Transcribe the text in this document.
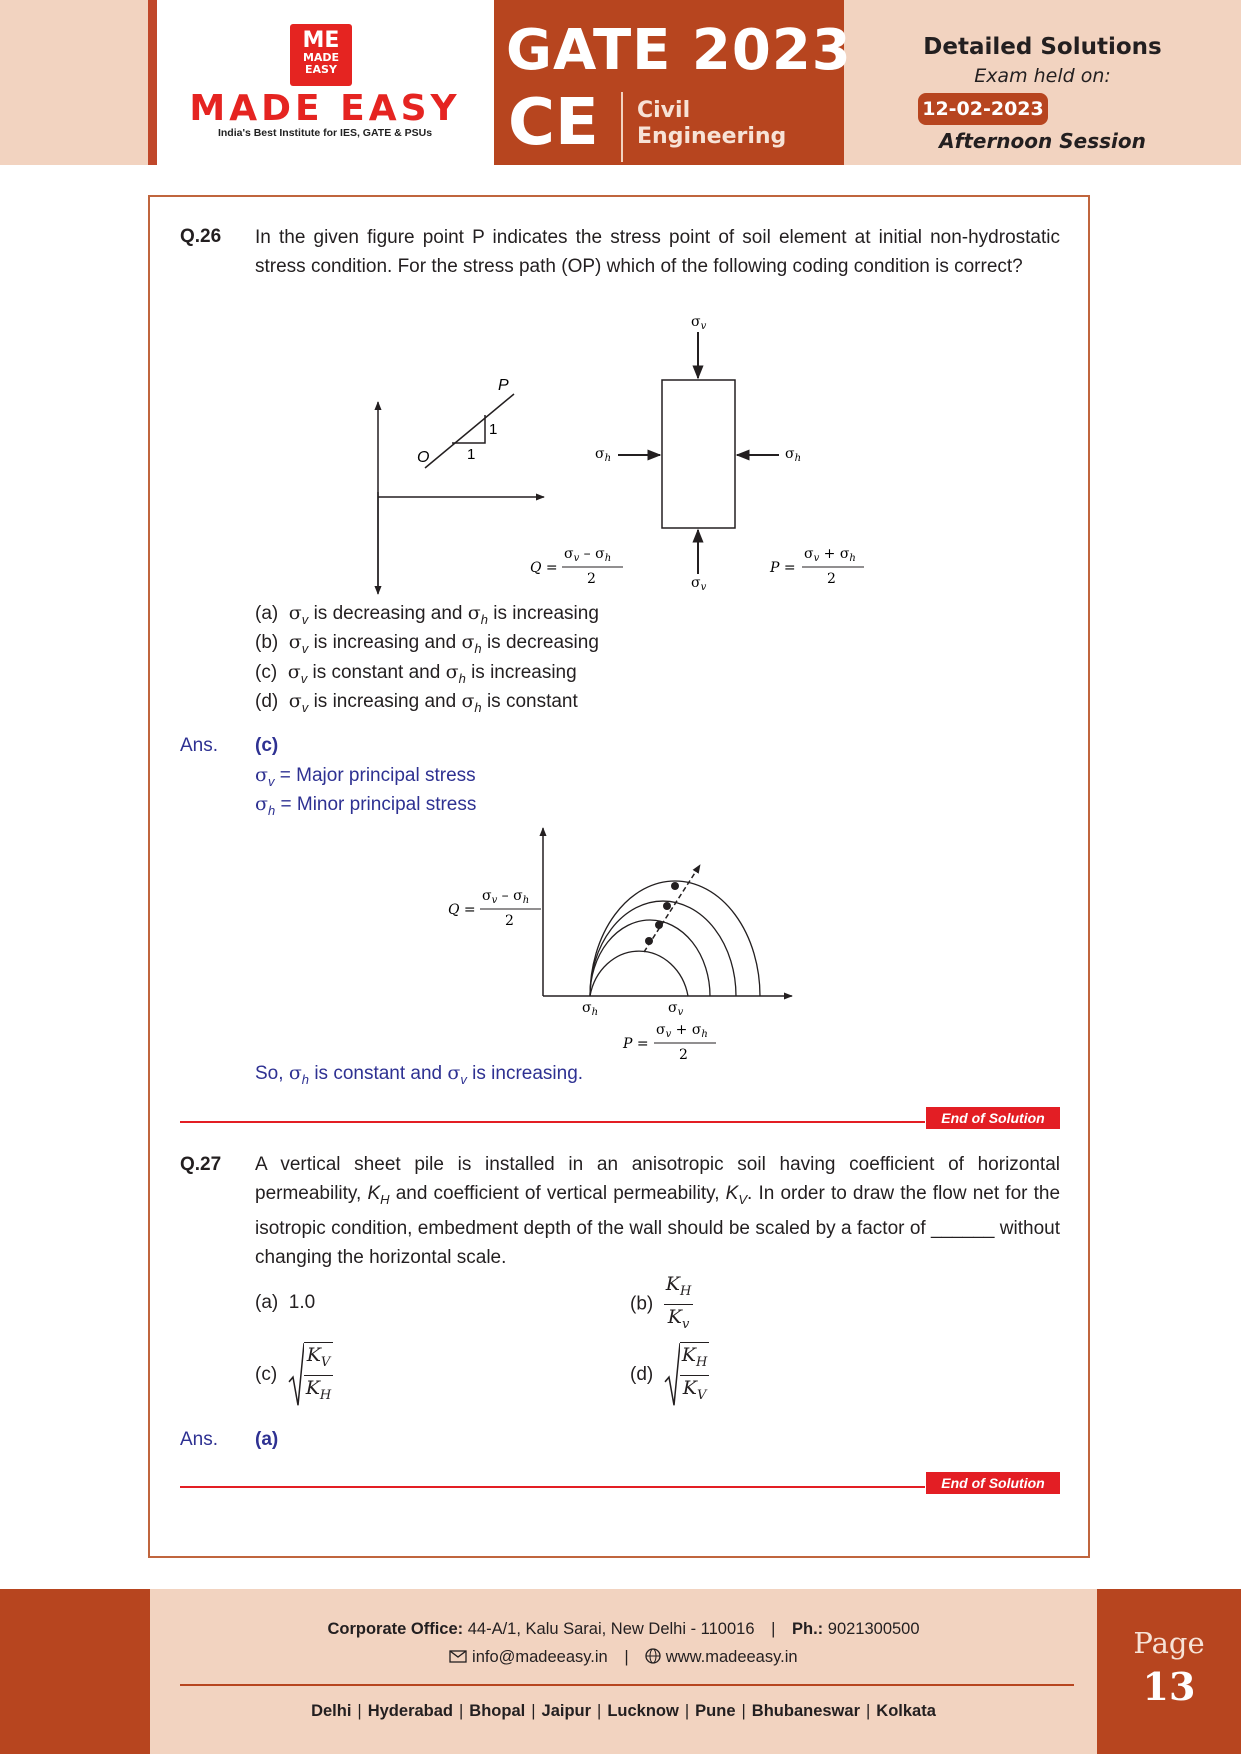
ME
MADE EASY
MADE EASY
India's Best Institute for IES, GATE & PSUs
GATE 2023
CE Civil
Engineering
Detailed Solutions
Exam held on:
12-02-2023
Afternoon Session
Q.26 In the given figure point P indicates the stress point of soil element at initial non-hydrostatic stress condition. For the stress path (OP) which of the following coding condition is correct?
P
O
1
1
$\sigma_v$
$\sigma_v$
$\sigma_h$	$\sigma_h$
Q =
$\sigma_v - \sigma_h$
2
P =
$\sigma_v + \sigma_h$
2
(a) $\sigma_v$ is decreasing and $\sigma_h$ is increasing
(b) $\sigma_v$ is increasing and $\sigma_h$ is decreasing
(c) $\sigma_v$ is constant and $\sigma_h$ is increasing
(d) $\sigma_v$ is increasing and $\sigma_h$ is constant
Ans. (c)
$\sigma_v$ = Major principal stress
$\sigma_h$ = Minor principal stress
Q =
$\sigma_v - \sigma_h$
2
$\sigma_h$	$\sigma_v$
P =
$\sigma_v + \sigma_h$
2
So, $\sigma_h$ is constant and $\sigma_v$ is increasing.
End of Solution
Q.27 A vertical sheet pile is installed in an anisotropic soil having coefficient of horizontal permeability, $K_H$ and coefficient of vertical permeability, $K_V$. In order to draw the flow net for the isotropic condition, embedment depth of the wall should be scaled by a factor of ______ without changing the horizontal scale.
(a) 1.0	$(b) \frac{K_H}{K_v}$
$(c) \frac{K_V}{K_H}$	$(d) \frac{K_H}{K_V}$
Ans. (a)
End of Solution
Page
13
Corporate Office: 44-A/1, Kalu Sarai, New Delhi - 110016 | Ph.: 9021300500
info@madeeasy.in | www.madeeasy.in
Delhi | Hyderabad | Bhopal | Jaipur | Lucknow | Pune | Bhubaneswar | Kolkata
